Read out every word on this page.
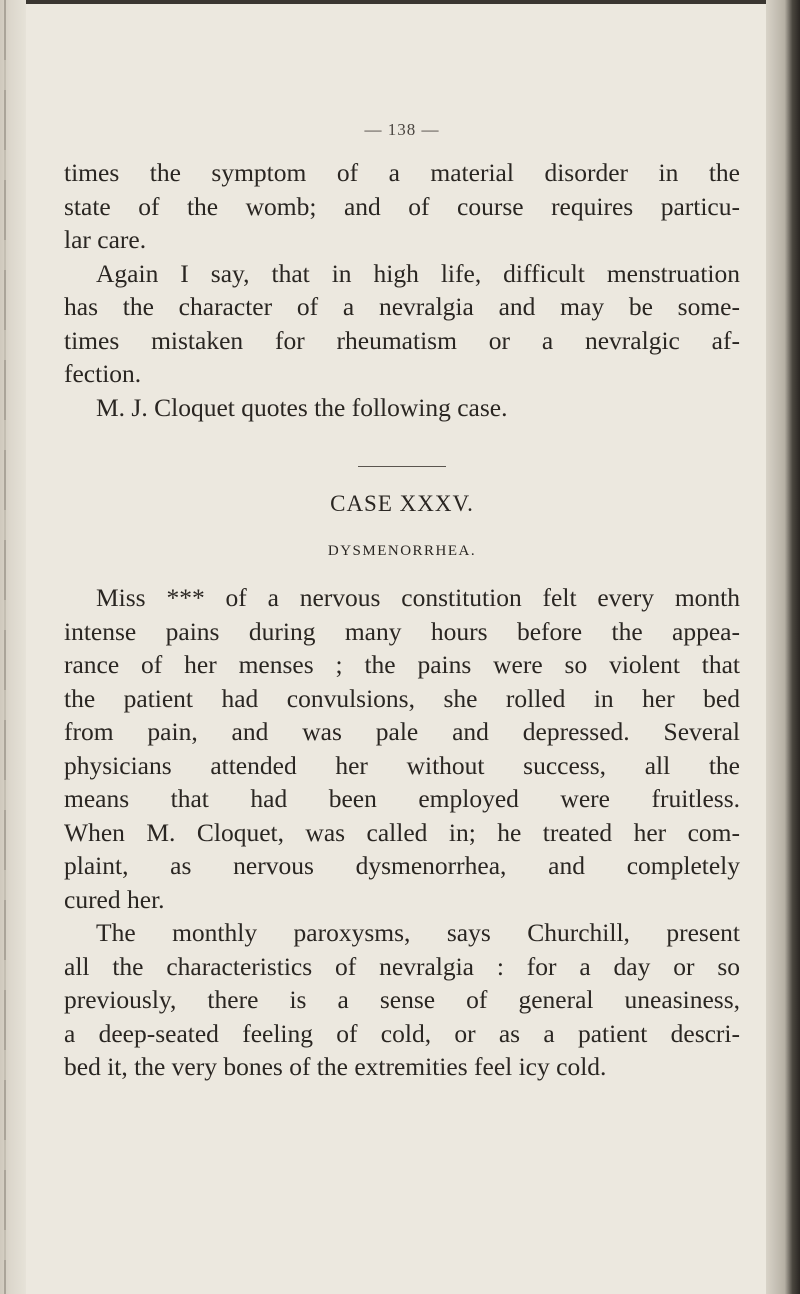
— 138 —
times the symptom of a material disorder in the
state of the womb; and of course requires particu-
lar care.
Again I say, that in high life, difficult menstruation
has the character of a nevralgia and may be some-
times mistaken for rheumatism or a nevralgic af-
fection.
M. J. Cloquet quotes the following case.
CASE XXXV.
DYSMENORRHEA.
Miss *** of a nervous constitution felt every month
intense pains during many hours before the appea-
rance of her menses ; the pains were so violent that
the patient had convulsions, she rolled in her bed
from pain, and was pale and depressed. Several
physicians attended her without success, all the
means that had been employed were fruitless.
When M. Cloquet, was called in; he treated her com-
plaint, as nervous dysmenorrhea, and completely
cured her.
The monthly paroxysms, says Churchill, present
all the characteristics of nevralgia : for a day or so
previously, there is a sense of general uneasiness,
a deep-seated feeling of cold, or as a patient descri-
bed it, the very bones of the extremities feel icy cold.
